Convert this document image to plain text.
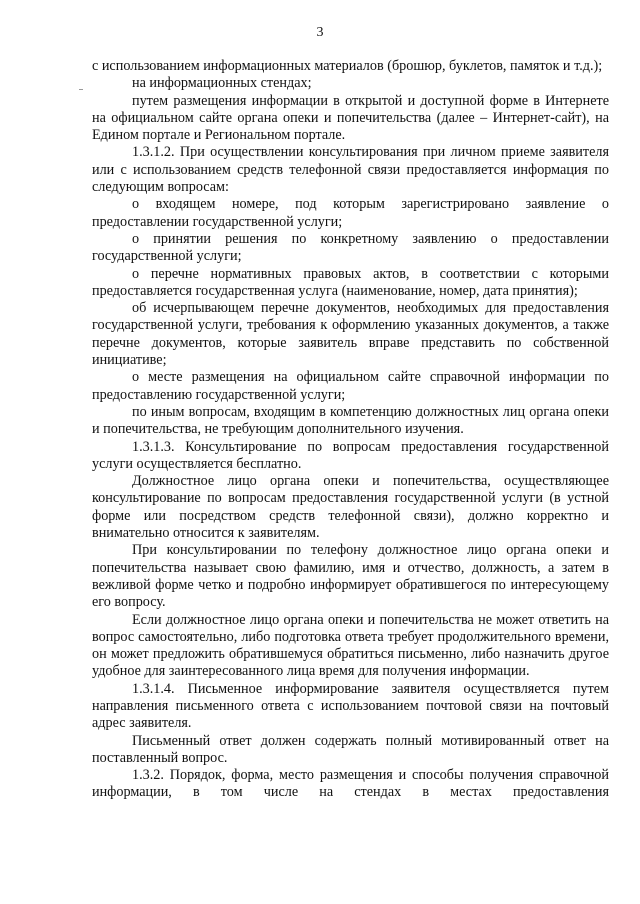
3

с использованием информационных материалов (брошюр, буклетов, памяток и т.д.);

на информационных стендах;

путем размещения информации в открытой и доступной форме в Интернете на официальном сайте органа опеки и попечительства (далее – Интернет-сайт), на Едином портале и Региональном портале.

1.3.1.2. При осуществлении консультирования при личном приеме заявителя или с использованием средств телефонной связи предоставляется информация по следующим вопросам:

о входящем номере, под которым зарегистрировано заявление о предоставлении государственной услуги;

о принятии решения по конкретному заявлению о предоставлении государственной услуги;

о перечне нормативных правовых актов, в соответствии с которыми предоставляется государственная услуга (наименование, номер, дата принятия);

об исчерпывающем перечне документов, необходимых для предоставления государственной услуги, требования к оформлению указанных документов, а также перечне документов, которые заявитель вправе представить по собственной инициативе;

о месте размещения на официальном сайте справочной информации по предоставлению государственной услуги;

по иным вопросам, входящим в компетенцию должностных лиц органа опеки и попечительства, не требующим дополнительного изучения.

1.3.1.3. Консультирование по вопросам предоставления государственной услуги осуществляется бесплатно.

Должностное лицо органа опеки и попечительства, осуществляющее консультирование по вопросам предоставления государственной услуги (в устной форме или посредством средств телефонной связи), должно корректно и внимательно относится к заявителям.

При консультировании по телефону должностное лицо органа опеки и попечительства называет свою фамилию, имя и отчество, должность, а затем в вежливой форме четко и подробно информирует обратившегося по интересующему его вопросу.

Если должностное лицо органа опеки и попечительства не может ответить на вопрос самостоятельно, либо подготовка ответа требует продолжительного времени, он может предложить обратившемуся обратиться письменно, либо назначить другое удобное для заинтересованного лица время для получения информации.

1.3.1.4. Письменное информирование заявителя осуществляется путем направления письменного ответа с использованием почтовой связи на почтовый адрес заявителя.

Письменный ответ должен содержать полный мотивированный ответ на поставленный вопрос.

1.3.2. Порядок, форма, место размещения и способы получения справочной информации, в том числе на стендах в местах предоставления
